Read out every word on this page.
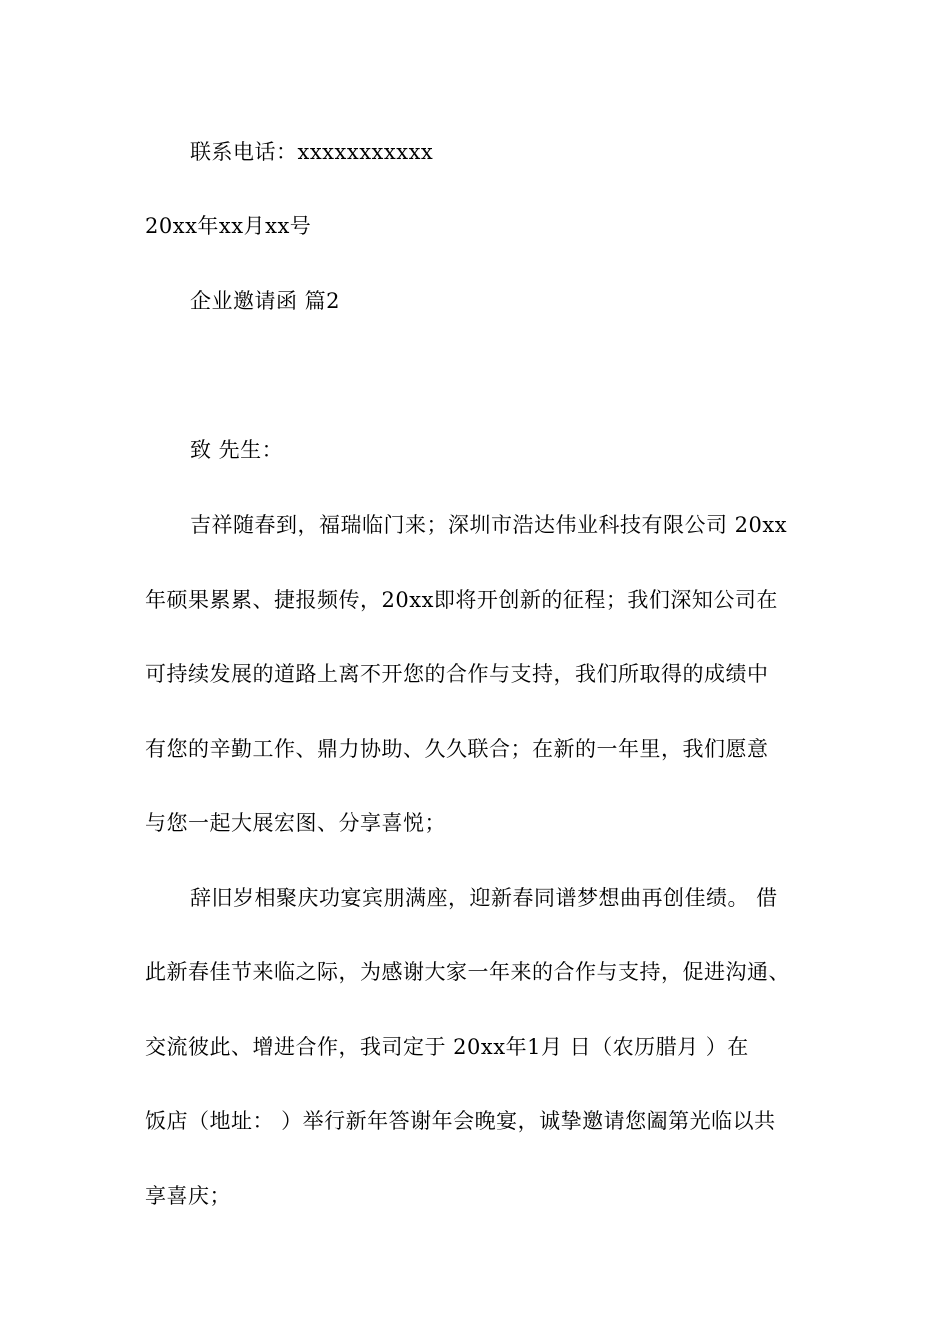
联系电话：xxxxxxxxxxx
20xx年xx月xx号
企业邀请函 篇2
致 先生：
吉祥随春到，福瑞临门来；深圳市浩达伟业科技有限公司 20xx
年硕果累累、捷报频传，20xx即将开创新的征程；我们深知公司在
可持续发展的道路上离不开您的合作与支持，我们所取得的成绩中
有您的辛勤工作、鼎力协助、久久联合；在新的一年里，我们愿意
与您一起大展宏图、分享喜悦；
辞旧岁相聚庆功宴宾朋满座，迎新春同谱梦想曲再创佳绩。 借
此新春佳节来临之际，为感谢大家一年来的合作与支持，促进沟通、
交流彼此、增进合作，我司定于 20xx年1月 日（农历腊月 ）在
饭店（地址： ）举行新年答谢年会晚宴，诚挚邀请您阖第光临以共
享喜庆；
